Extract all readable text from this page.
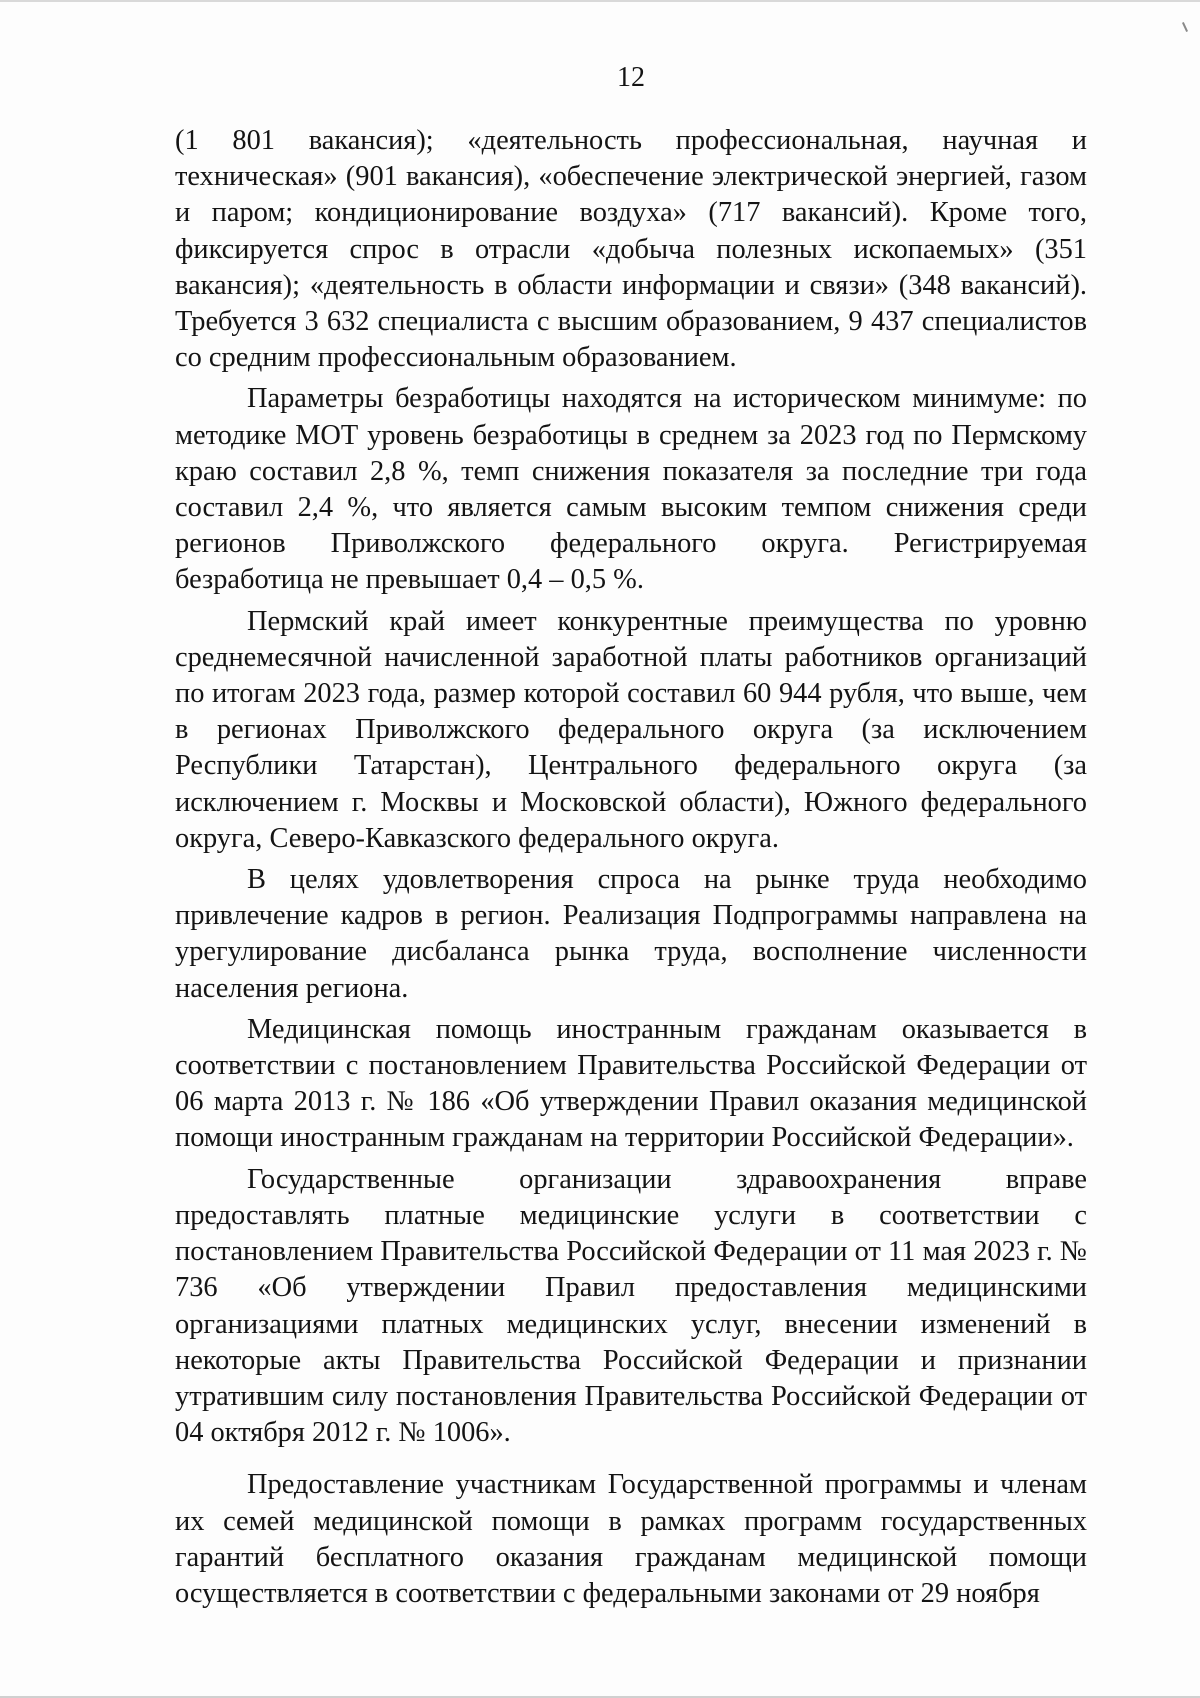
12

(1 801 вакансия); «деятельность профессиональная, научная и техническая» (901 вакансия), «обеспечение электрической энергией, газом и паром; кондиционирование воздуха» (717 вакансий). Кроме того, фиксируется спрос в отрасли «добыча полезных ископаемых» (351 вакансия); «деятельность в области информации и связи» (348 вакансий). Требуется 3 632 специалиста с высшим образованием, 9 437 специалистов со средним профессиональным образованием.

Параметры безработицы находятся на историческом минимуме: по методике МОТ уровень безработицы в среднем за 2023 год по Пермскому краю составил 2,8 %, темп снижения показателя за последние три года составил 2,4 %, что является самым высоким темпом снижения среди регионов Приволжского федерального округа. Регистрируемая безработица не превышает 0,4 – 0,5 %.

Пермский край имеет конкурентные преимущества по уровню среднемесячной начисленной заработной платы работников организаций по итогам 2023 года, размер которой составил 60 944 рубля, что выше, чем в регионах Приволжского федерального округа (за исключением Республики Татарстан), Центрального федерального округа (за исключением г. Москвы и Московской области), Южного федерального округа, Северо-Кавказского федерального округа.

В целях удовлетворения спроса на рынке труда необходимо привлечение кадров в регион. Реализация Подпрограммы направлена на урегулирование дисбаланса рынка труда, восполнение численности населения региона.

Медицинская помощь иностранным гражданам оказывается в соответствии с постановлением Правительства Российской Федерации от 06 марта 2013 г. № 186 «Об утверждении Правил оказания медицинской помощи иностранным гражданам на территории Российской Федерации».

Государственные организации здравоохранения вправе предоставлять платные медицинские услуги в соответствии с постановлением Правительства Российской Федерации от 11 мая 2023 г. № 736 «Об утверждении Правил предоставления медицинскими организациями платных медицинских услуг, внесении изменений в некоторые акты Правительства Российской Федерации и признании утратившим силу постановления Правительства Российской Федерации от 04 октября 2012 г. № 1006».

Предоставление участникам Государственной программы и членам их семей медицинской помощи в рамках программ государственных гарантий бесплатного оказания гражданам медицинской помощи осуществляется в соответствии с федеральными законами от 29 ноября
